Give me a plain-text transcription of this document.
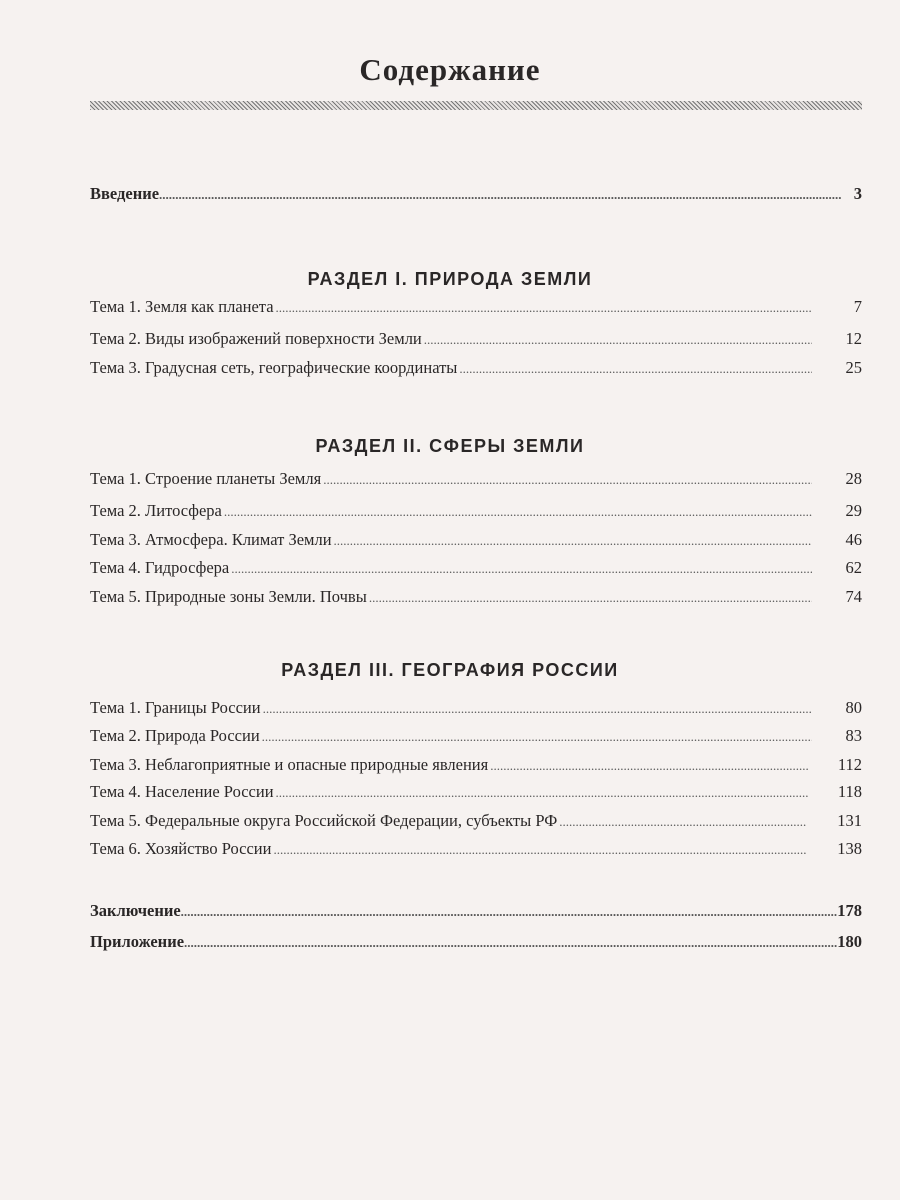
Содержание
Введение .....	3
РАЗДЕЛ I. ПРИРОДА ЗЕМЛИ
Тема 1. Земля как планета .....	7
Тема 2. Виды изображений поверхности Земли .....	12
Тема 3. Градусная сеть, географические координаты .....	25
РАЗДЕЛ II. СФЕРЫ ЗЕМЛИ
Тема 1. Строение планеты Земля .....	28
Тема 2. Литосфера .....	29
Тема 3. Атмосфера. Климат Земли .....	46
Тема 4. Гидросфера .....	62
Тема 5. Природные зоны Земли. Почвы .....	74
РАЗДЕЛ III. ГЕОГРАФИЯ РОССИИ
Тема 1. Границы России .....	80
Тема 2. Природа России .....	83
Тема 3. Неблагоприятные и опасные природные явления .....	112
Тема 4. Население России .....	118
Тема 5. Федеральные округа Российской Федерации, субъекты РФ .....	131
Тема 6. Хозяйство России .....	138
Заключение .....	178
Приложение .....	180
